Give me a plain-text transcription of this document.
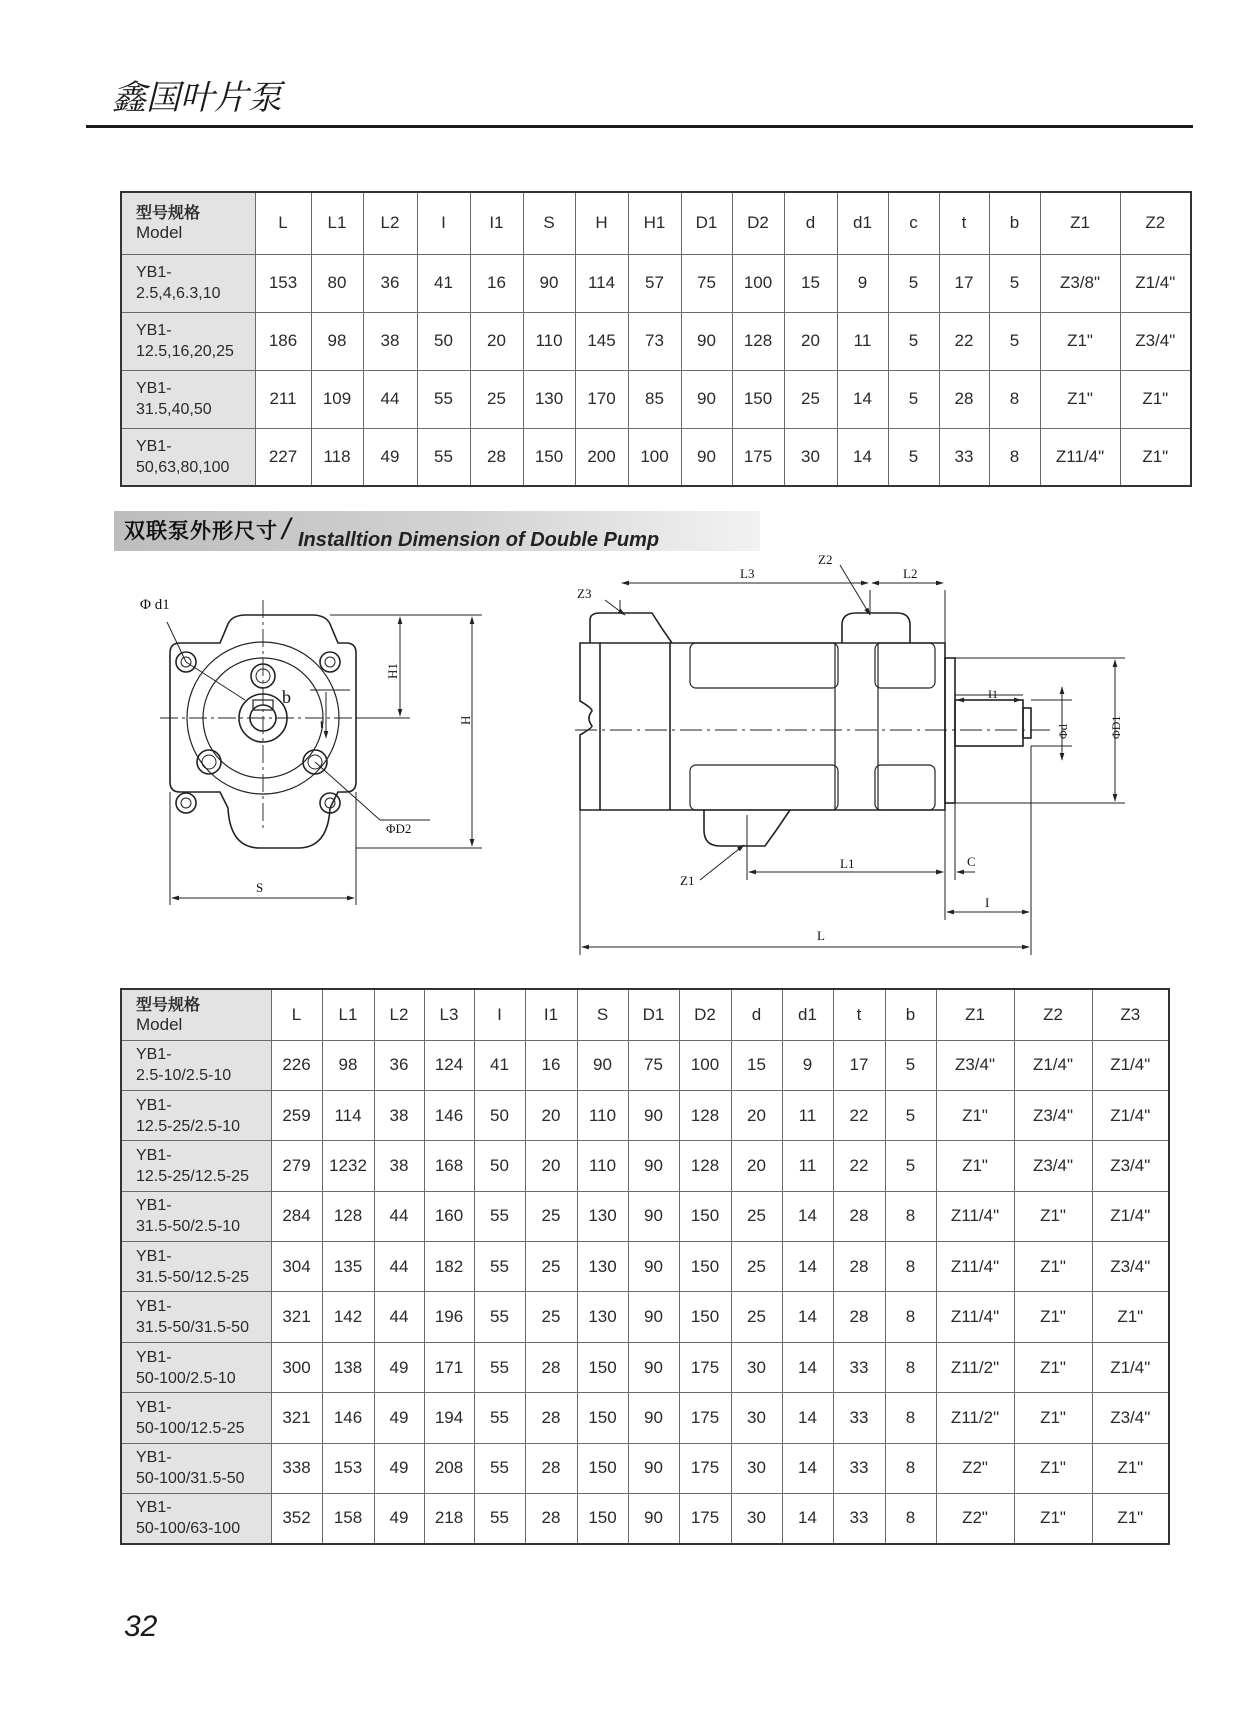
鑫国叶片泵
型号规格
Model	L	L1	L2	I	I1	S	H	H1	D1	D2	d	d1	c	t	b	Z1	Z2
YB1-
2.5,4,6.3,10	153	80	36	41	16	90	114	57	75	100	15	9	5	17	5	Z3/8"	Z1/4"
YB1-
12.5,16,20,25	186	98	38	50	20	110	145	73	90	128	20	11	5	22	5	Z1"	Z3/4"
YB1-
31.5,40,50	211	109	44	55	25	130	170	85	90	150	25	14	5	28	8	Z1"	Z1"
YB1-
50,63,80,100	227	118	49	55	28	150	200	100	90	175	30	14	5	33	8	Z11/4"	Z1"
双联泵外形尺寸 / Installtion Dimension of Double Pump
Φ d1
b
t
H1
H
ΦD2
S
L3	L2
Z2
Z3
I1
Φd	ΦD1
L1	C
I
L
Z1
型号规格
Model	L	L1	L2	L3	I	I1	S	D1	D2	d	d1	t	b	Z1	Z2	Z3
YB1-
2.5-10/2.5-10	226	98	36	124	41	16	90	75	100	15	9	17	5	Z3/4"	Z1/4"	Z1/4"
YB1-
12.5-25/2.5-10	259	114	38	146	50	20	110	90	128	20	11	22	5	Z1"	Z3/4"	Z1/4"
YB1-
12.5-25/12.5-25	279	1232	38	168	50	20	110	90	128	20	11	22	5	Z1"	Z3/4"	Z3/4"
YB1-
31.5-50/2.5-10	284	128	44	160	55	25	130	90	150	25	14	28	8	Z11/4"	Z1"	Z1/4"
YB1-
31.5-50/12.5-25	304	135	44	182	55	25	130	90	150	25	14	28	8	Z11/4"	Z1"	Z3/4"
YB1-
31.5-50/31.5-50	321	142	44	196	55	25	130	90	150	25	14	28	8	Z11/4"	Z1"	Z1"
YB1-
50-100/2.5-10	300	138	49	171	55	28	150	90	175	30	14	33	8	Z11/2"	Z1"	Z1/4"
YB1-
50-100/12.5-25	321	146	49	194	55	28	150	90	175	30	14	33	8	Z11/2"	Z1"	Z3/4"
YB1-
50-100/31.5-50	338	153	49	208	55	28	150	90	175	30	14	33	8	Z2"	Z1"	Z1"
YB1-
50-100/63-100	352	158	49	218	55	28	150	90	175	30	14	33	8	Z2"	Z1"	Z1"
32
